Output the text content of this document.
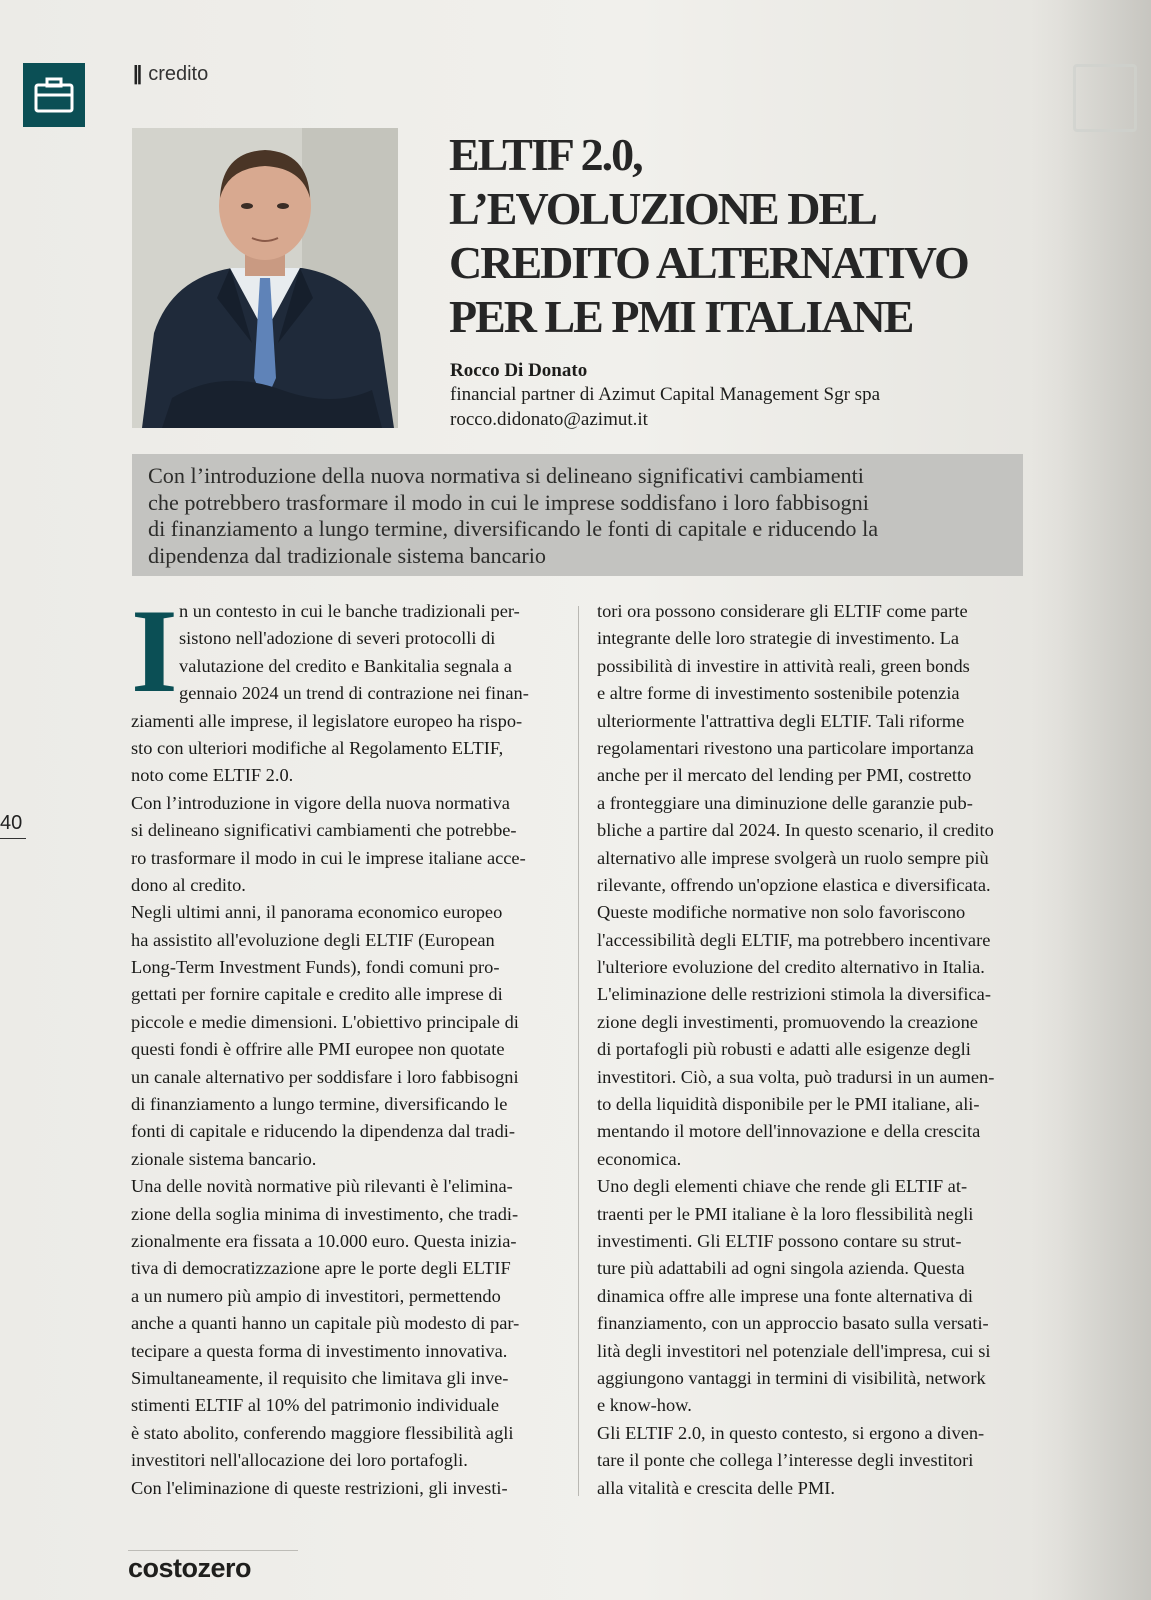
|| credito
ELTIF 2.0,
L’EVOLUZIONE DEL
CREDITO ALTERNATIVO
PER LE PMI ITALIANE
Rocco Di Donato
financial partner di Azimut Capital Management Sgr spa
rocco.didonato@azimut.it

Con l’introduzione della nuova normativa si delineano significativi cambiamenti
che potrebbero trasformare il modo in cui le imprese soddisfano i loro fabbisogni
di finanziamento a lungo termine, diversificando le fonti di capitale e riducendo la
dipendenza dal tradizionale sistema bancario

I n un contesto in cui le banche tradizionali per-
sistono nell'adozione di severi protocolli di
valutazione del credito e Bankitalia segnala a
gennaio 2024 un trend di contrazione nei finan-
ziamenti alle imprese, il legislatore europeo ha rispo-
sto con ulteriori modifiche al Regolamento ELTIF,
noto come ELTIF 2.0.
Con l’introduzione in vigore della nuova normativa
si delineano significativi cambiamenti che potrebbe-
ro trasformare il modo in cui le imprese italiane acce-
dono al credito.
Negli ultimi anni, il panorama economico europeo
ha assistito all'evoluzione degli ELTIF (European
Long-Term Investment Funds), fondi comuni pro-
gettati per fornire capitale e credito alle imprese di
piccole e medie dimensioni. L'obiettivo principale di
questi fondi è offrire alle PMI europee non quotate
un canale alternativo per soddisfare i loro fabbisogni
di finanziamento a lungo termine, diversificando le
fonti di capitale e riducendo la dipendenza dal tradi-
zionale sistema bancario.
Una delle novità normative più rilevanti è l'elimina-
zione della soglia minima di investimento, che tradi-
zionalmente era fissata a 10.000 euro. Questa inizia-
tiva di democratizzazione apre le porte degli ELTIF
a un numero più ampio di investitori, permettendo
anche a quanti hanno un capitale più modesto di par-
tecipare a questa forma di investimento innovativa.
Simultaneamente, il requisito che limitava gli inve-
stimenti ELTIF al 10% del patrimonio individuale
è stato abolito, conferendo maggiore flessibilità agli
investitori nell'allocazione dei loro portafogli.
Con l'eliminazione di queste restrizioni, gli investi-
tori ora possono considerare gli ELTIF come parte
integrante delle loro strategie di investimento. La
possibilità di investire in attività reali, green bonds
e altre forme di investimento sostenibile potenzia
ulteriormente l'attrattiva degli ELTIF. Tali riforme
regolamentari rivestono una particolare importanza
anche per il mercato del lending per PMI, costretto
a fronteggiare una diminuzione delle garanzie pub-
bliche a partire dal 2024. In questo scenario, il credito
alternativo alle imprese svolgerà un ruolo sempre più
rilevante, offrendo un'opzione elastica e diversificata.
Queste modifiche normative non solo favoriscono
l'accessibilità degli ELTIF, ma potrebbero incentivare
l'ulteriore evoluzione del credito alternativo in Italia.
L'eliminazione delle restrizioni stimola la diversifica-
zione degli investimenti, promuovendo la creazione
di portafogli più robusti e adatti alle esigenze degli
investitori. Ciò, a sua volta, può tradursi in un aumen-
to della liquidità disponibile per le PMI italiane, ali-
mentando il motore dell'innovazione e della crescita
economica.
Uno degli elementi chiave che rende gli ELTIF at-
traenti per le PMI italiane è la loro flessibilità negli
investimenti. Gli ELTIF possono contare su strut-
ture più adattabili ad ogni singola azienda. Questa
dinamica offre alle imprese una fonte alternativa di
finanziamento, con un approccio basato sulla versati-
lità degli investitori nel potenziale dell'impresa, cui si
aggiungono vantaggi in termini di visibilità, network
e know-how.
Gli ELTIF 2.0, in questo contesto, si ergono a diven-
tare il ponte che collega l’interesse degli investitori
alla vitalità e crescita delle PMI.
40
costozero
